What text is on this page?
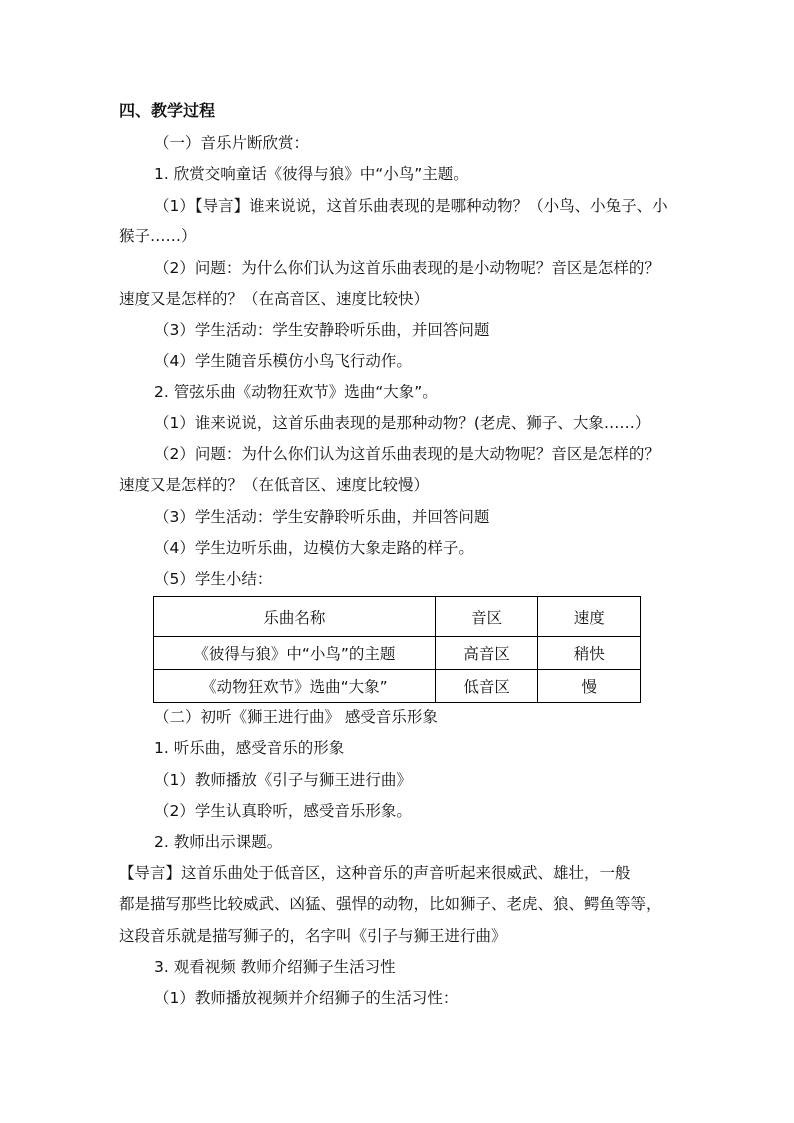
四、教学过程
（一）音乐片断欣赏：
1. 欣赏交响童话《彼得与狼》中“小鸟”主题。
（1）【导言】谁来说说，这首乐曲表现的是哪种动物？（小鸟、小兔子、小
猴子……）
（2）问题：为什么你们认为这首乐曲表现的是小动物呢？音区是怎样的？
速度又是怎样的？（在高音区、速度比较快）
（3）学生活动：学生安静聆听乐曲，并回答问题
（4）学生随音乐模仿小鸟飞行动作。
2. 管弦乐曲《动物狂欢节》选曲“大象”。
（1）谁来说说，这首乐曲表现的是那种动物？(老虎、狮子、大象……）
（2）问题：为什么你们认为这首乐曲表现的是大动物呢？音区是怎样的？
速度又是怎样的？（在低音区、速度比较慢）
（3）学生活动：学生安静聆听乐曲，并回答问题
（4）学生边听乐曲，边模仿大象走路的样子。
（5）学生小结：
乐曲名称	音区	速度
《彼得与狼》中“小鸟”的主题	高音区	稍快
《动物狂欢节》选曲“大象”	低音区	慢
（二）初听《狮王进行曲》 感受音乐形象
1. 听乐曲，感受音乐的形象
（1）教师播放《引子与狮王进行曲》
（2）学生认真聆听，感受音乐形象。
2. 教师出示课题。
【导言】这首乐曲处于低音区，这种音乐的声音听起来很威武、雄壮，一般
都是描写那些比较威武、凶猛、强悍的动物，比如狮子、老虎、狼、鳄鱼等等，
这段音乐就是描写狮子的，名字叫《引子与狮王进行曲》
3. 观看视频 教师介绍狮子生活习性
（1）教师播放视频并介绍狮子的生活习性：
